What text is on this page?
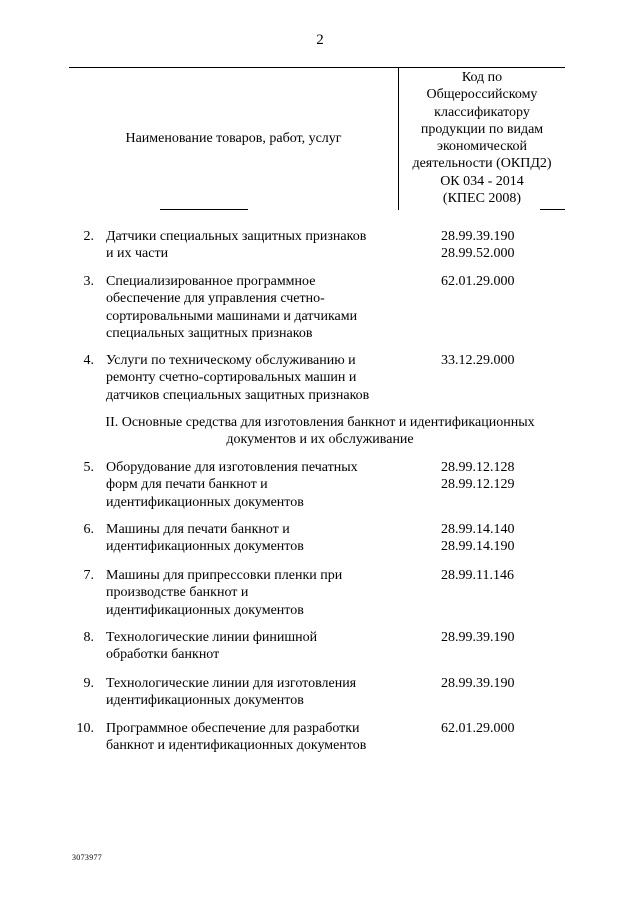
2
Наименование товаров, работ, услуг
Код по
Общероссийскому
классификатору
продукции по видам
экономической
деятельности (ОКПД2)
ОК 034 - 2014
(КПЕС 2008)
2. Датчики специальных защитных признаков
и их части
28.99.39.190
28.99.52.000
3. Специализированное программное
обеспечение для управления счетно-
сортировальными машинами и датчиками
специальных защитных признаков
62.01.29.000
4. Услуги по техническому обслуживанию и
ремонту счетно-сортировальных машин и
датчиков специальных защитных признаков
33.12.29.000
II. Основные средства для изготовления банкнот и идентификационных
документов и их обслуживание
5. Оборудование для изготовления печатных
форм для печати банкнот и
идентификационных документов
28.99.12.128
28.99.12.129
6. Машины для печати банкнот и
идентификационных документов
28.99.14.140
28.99.14.190
7. Машины для припрессовки пленки при
производстве банкнот и
идентификационных документов
28.99.11.146
8. Технологические линии финишной
обработки банкнот
28.99.39.190
9. Технологические линии для изготовления
идентификационных документов
28.99.39.190
10. Программное обеспечение для разработки
банкнот и идентификационных документов
62.01.29.000
3073977
